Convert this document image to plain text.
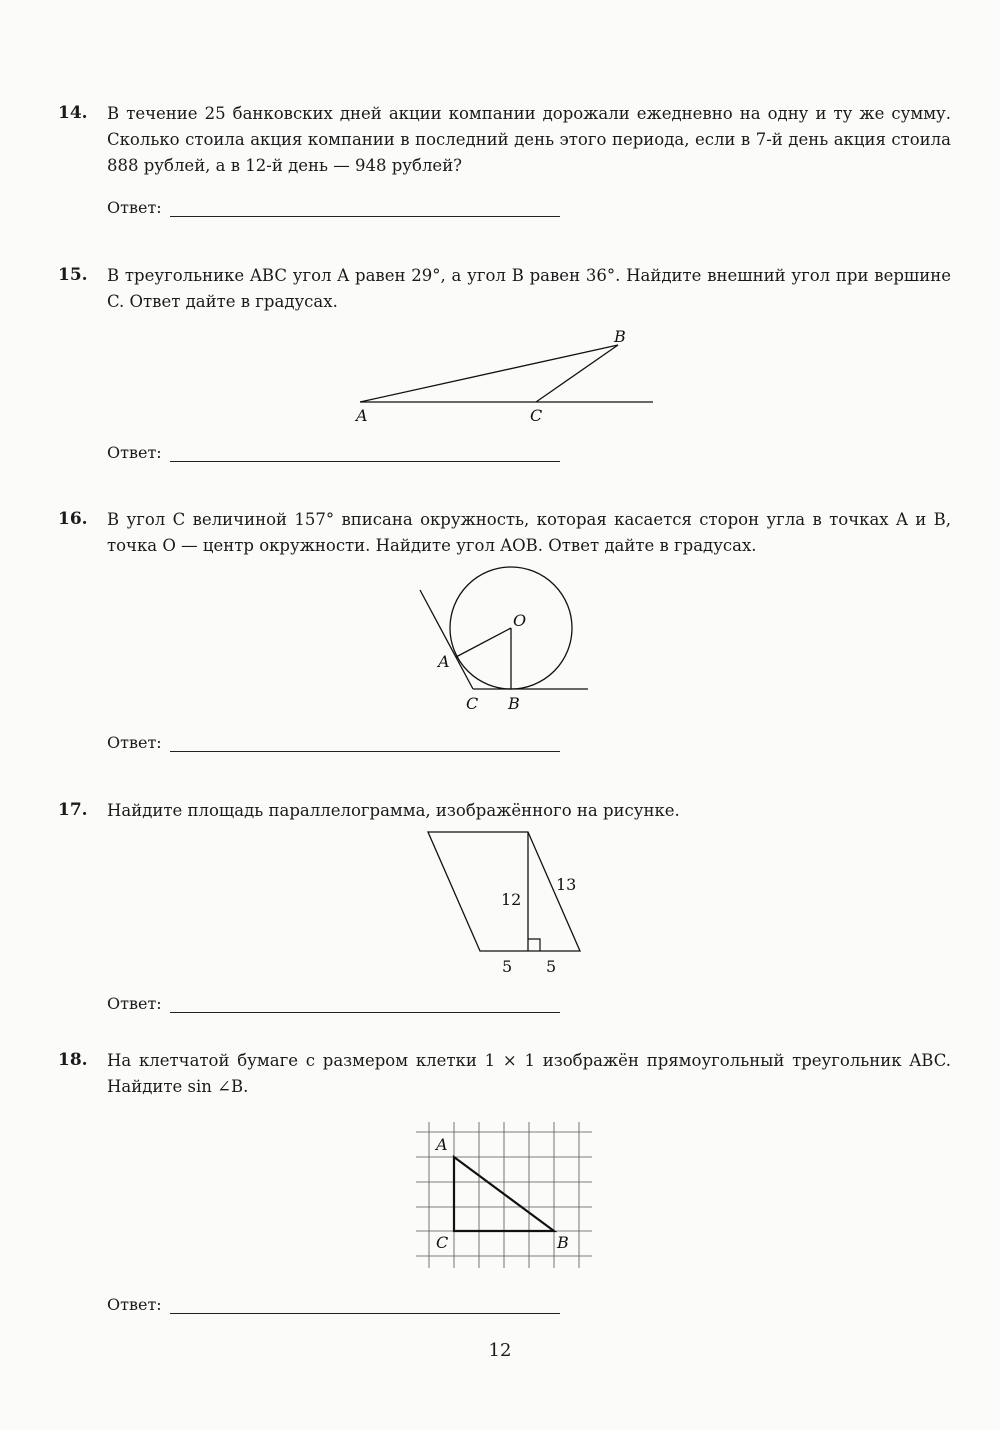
14. В течение 25 банковских дней акции компании дорожали ежедневно на одну и ту же сумму. Сколько стоила акция компании в последний день этого периода, если в 7-й день акция стоила 888 рублей, а в 12-й день — 948 рублей?
Ответ:
15. В треугольнике ABC угол A равен 29°, а угол B равен 36°. Найдите внешний угол при вершине C. Ответ дайте в градусах.
A	C
B
Ответ:
16. В угол C величиной 157° вписана окружность, которая касается сторон угла в точках A и B, точка O — центр окружности. Найдите угол AOB. Ответ дайте в градусах.
O
A
C B
Ответ:
17. Найдите площадь параллелограмма, изображённого на рисунке.
12
13
5 5
Ответ:
18. На клетчатой бумаге с размером клетки 1 × 1 изображён прямоугольный треугольник ABC. Найдите sin ∠B.
A
C	B
Ответ:
12
